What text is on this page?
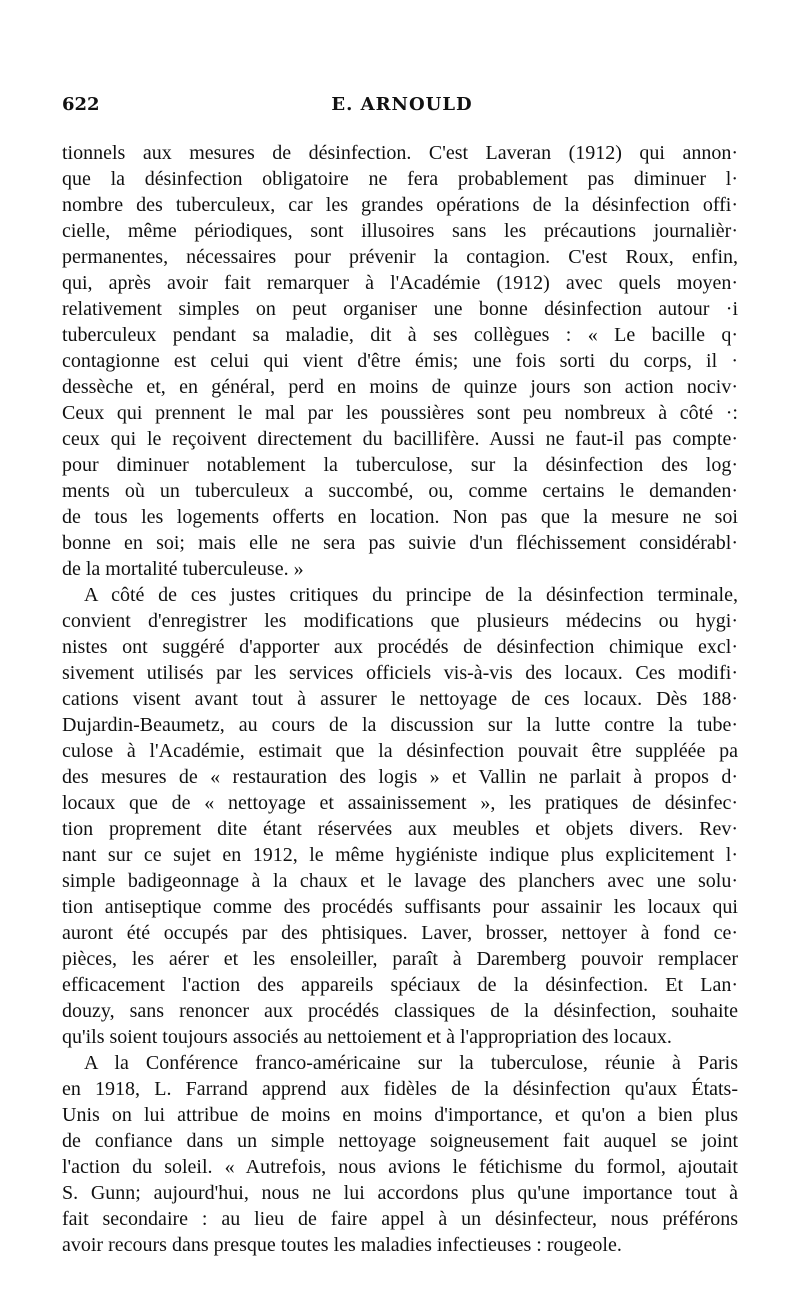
622	E. ARNOULD

tionnels aux mesures de désinfection. C'est Laveran (1912) qui annon·
que la désinfection obligatoire ne fera probablement pas diminuer l·
nombre des tuberculeux, car les grandes opérations de la désinfection offi·
cielle, même périodiques, sont illusoires sans les précautions journalièr·
permanentes, nécessaires pour prévenir la contagion. C'est Roux, enfin,
qui, après avoir fait remarquer à l'Académie (1912) avec quels moyen·
relativement simples on peut organiser une bonne désinfection autour ·i
tuberculeux pendant sa maladie, dit à ses collègues : « Le bacille q·
contagionne est celui qui vient d'être émis; une fois sorti du corps, il ·
dessèche et, en général, perd en moins de quinze jours son action nociv·
Ceux qui prennent le mal par les poussières sont peu nombreux à côté ·:
ceux qui le reçoivent directement du bacillifère. Aussi ne faut-il pas compte·
pour diminuer notablement la tuberculose, sur la désinfection des log·
ments où un tuberculeux a succombé, ou, comme certains le demanden·
de tous les logements offerts en location. Non pas que la mesure ne soi
bonne en soi; mais elle ne sera pas suivie d'un fléchissement considérabl·
de la mortalité tuberculeuse. »

A côté de ces justes critiques du principe de la désinfection terminale,
convient d'enregistrer les modifications que plusieurs médecins ou hygi·
nistes ont suggéré d'apporter aux procédés de désinfection chimique excl·
sivement utilisés par les services officiels vis-à-vis des locaux. Ces modifi·
cations visent avant tout à assurer le nettoyage de ces locaux. Dès 188·
Dujardin-Beaumetz, au cours de la discussion sur la lutte contre la tube·
culose à l'Académie, estimait que la désinfection pouvait être suppléée pa
des mesures de « restauration des logis » et Vallin ne parlait à propos d·
locaux que de « nettoyage et assainissement », les pratiques de désinfec·
tion proprement dite étant réservées aux meubles et objets divers. Rev·
nant sur ce sujet en 1912, le même hygiéniste indique plus explicitement l·
simple badigeonnage à la chaux et le lavage des planchers avec une solu·
tion antiseptique comme des procédés suffisants pour assainir les locaux qui
auront été occupés par des phtisiques. Laver, brosser, nettoyer à fond ce·
pièces, les aérer et les ensoleiller, paraît à Daremberg pouvoir remplacer
efficacement l'action des appareils spéciaux de la désinfection. Et Lan·
douzy, sans renoncer aux procédés classiques de la désinfection, souhaite
qu'ils soient toujours associés au nettoiement et à l'appropriation des locaux.

A la Conférence franco-américaine sur la tuberculose, réunie à Paris
en 1918, L. Farrand apprend aux fidèles de la désinfection qu'aux États-
Unis on lui attribue de moins en moins d'importance, et qu'on a bien plus
de confiance dans un simple nettoyage soigneusement fait auquel se joint
l'action du soleil. « Autrefois, nous avions le fétichisme du formol, ajoutait
S. Gunn; aujourd'hui, nous ne lui accordons plus qu'une importance tout à
fait secondaire : au lieu de faire appel à un désinfecteur, nous préférons
avoir recours dans presque toutes les maladies infectieuses : rougeole.
